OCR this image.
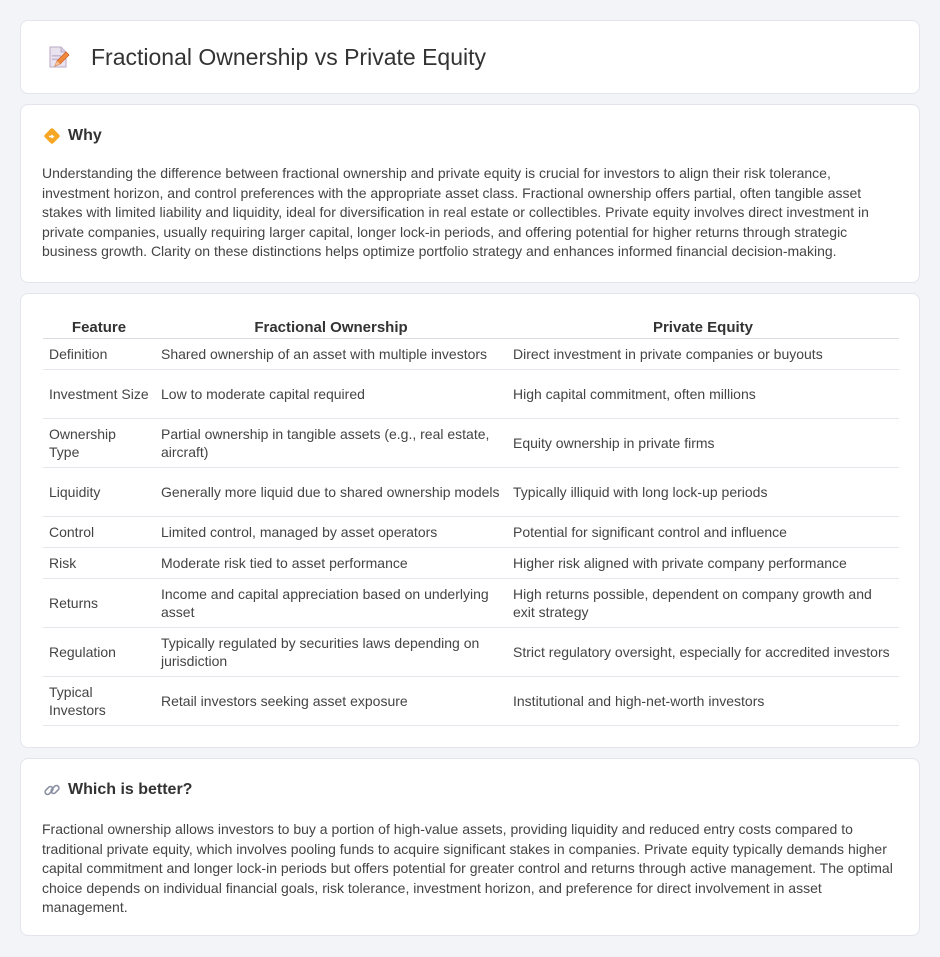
Fractional Ownership vs Private Equity
Why

Understanding the difference between fractional ownership and private equity is crucial for investors to align their risk tolerance, investment horizon, and control preferences with the appropriate asset class. Fractional ownership offers partial, often tangible asset stakes with limited liability and liquidity, ideal for diversification in real estate or collectibles. Private equity involves direct investment in private companies, usually requiring larger capital, longer lock-in periods, and offering potential for higher returns through strategic business growth. Clarity on these distinctions helps optimize portfolio strategy and enhances informed financial decision-making.

Feature	Fractional Ownership	Private Equity
Definition	Shared ownership of an asset with multiple investors	Direct investment in private companies or buyouts
Investment Size	Low to moderate capital required	High capital commitment, often millions
Ownership Type	Partial ownership in tangible assets (e.g., real estate, aircraft)	Equity ownership in private firms
Liquidity	Generally more liquid due to shared ownership models	Typically illiquid with long lock-up periods
Control	Limited control, managed by asset operators	Potential for significant control and influence
Risk	Moderate risk tied to asset performance	Higher risk aligned with private company performance
Returns	Income and capital appreciation based on underlying asset	High returns possible, dependent on company growth and exit strategy
Regulation	Typically regulated by securities laws depending on jurisdiction	Strict regulatory oversight, especially for accredited investors
Typical Investors	Retail investors seeking asset exposure	Institutional and high-net-worth investors
Which is better?

Fractional ownership allows investors to buy a portion of high-value assets, providing liquidity and reduced entry costs compared to traditional private equity, which involves pooling funds to acquire significant stakes in companies. Private equity typically demands higher capital commitment and longer lock-in periods but offers potential for greater control and returns through active management. The optimal choice depends on individual financial goals, risk tolerance, investment horizon, and preference for direct involvement in asset management.
